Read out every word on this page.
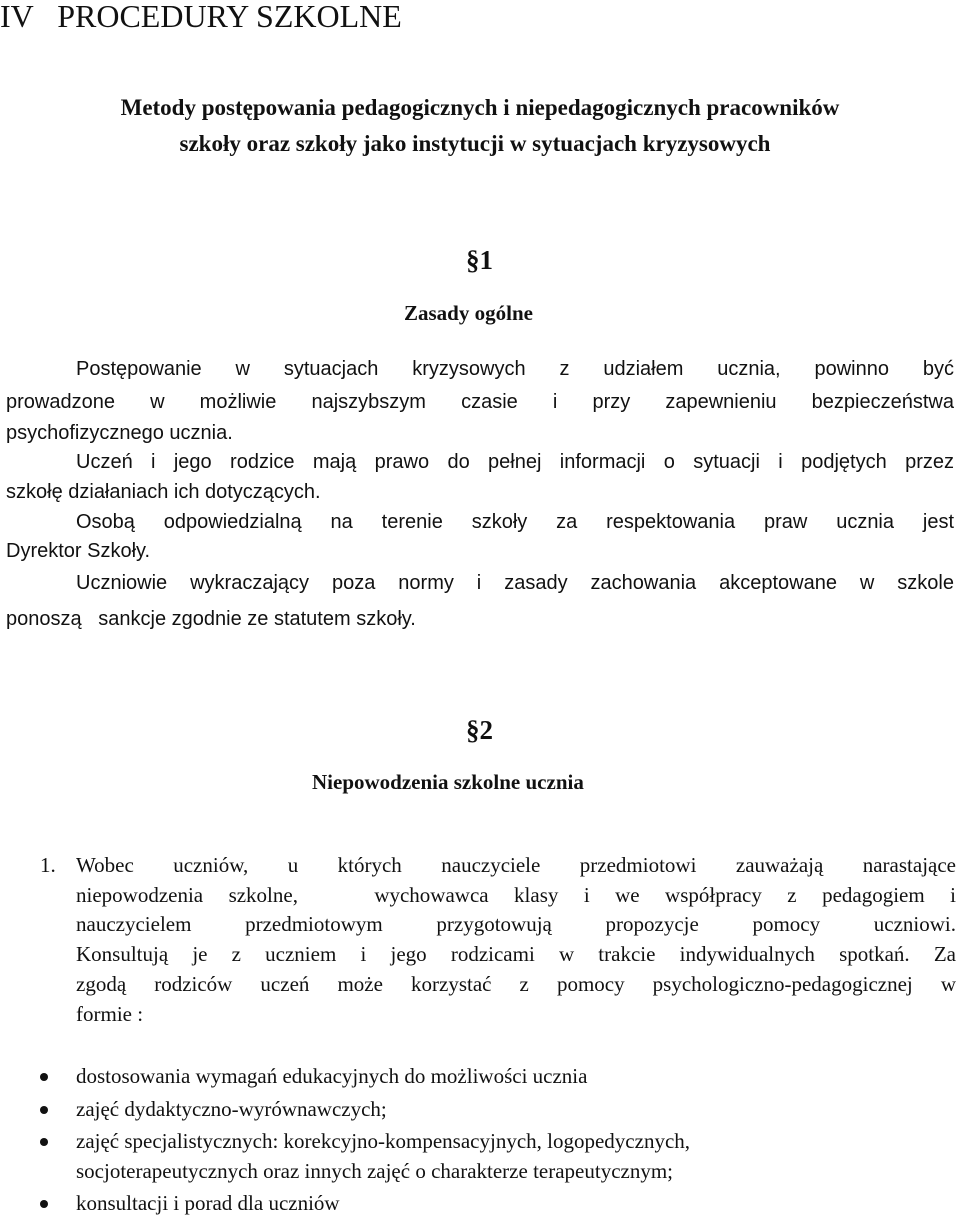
IV   PROCEDURY SZKOLNE
Metody postępowania pedagogicznych i niepedagogicznych pracowników
szkoły oraz szkoły jako instytucji w sytuacjach kryzysowych
§1
Zasady ogólne
Postępowanie w sytuacjach kryzysowych z udziałem ucznia, powinno być
prowadzone w możliwie najszybszym czasie i przy zapewnieniu bezpieczeństwa
psychofizycznego ucznia.
Uczeń i jego rodzice mają prawo do pełnej informacji o sytuacji i podjętych przez
szkołę działaniach ich dotyczących.
Osobą odpowiedzialną na terenie szkoły za respektowania praw ucznia jest
Dyrektor Szkoły.
Uczniowie wykraczający poza normy i zasady zachowania akceptowane w szkole
ponoszą   sankcje zgodnie ze statutem szkoły.
§2
Niepowodzenia szkolne ucznia
1. Wobec uczniów, u których nauczyciele przedmiotowi zauważają narastające
niepowodzenia szkolne,   wychowawca klasy i we współpracy z pedagogiem i
nauczycielem przedmiotowym przygotowują propozycje pomocy uczniowi.
Konsultują je z uczniem i jego rodzicami w trakcie indywidualnych spotkań. Za
zgodą rodziców uczeń może korzystać z pomocy psychologiczno-pedagogicznej w
formie :
dostosowania wymagań edukacyjnych do możliwości ucznia
zajęć dydaktyczno-wyrównawczych;
zajęć specjalistycznych: korekcyjno-kompensacyjnych, logopedycznych,
socjoterapeutycznych oraz innych zajęć o charakterze terapeutycznym;
konsultacji i porad dla uczniów
